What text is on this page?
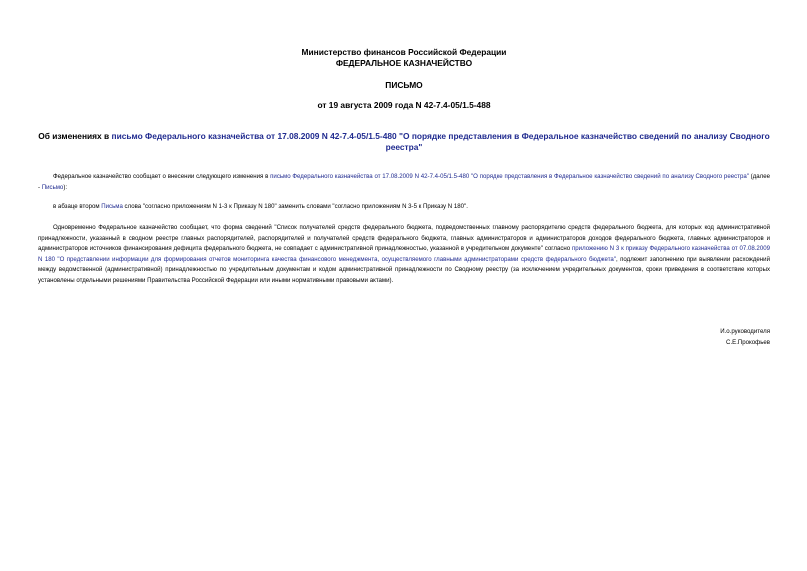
Министерство финансов Российской Федерации
ФЕДЕРАЛЬНОЕ КАЗНАЧЕЙСТВО
ПИСЬМО
от 19 августа 2009 года N 42-7.4-05/1.5-488
Об изменениях в письмо Федерального казначейства от 17.08.2009 N 42-7.4-05/1.5-480 "О порядке представления в Федеральное казначейство сведений по анализу Сводного реестра"
Федеральное казначейство сообщает о внесении следующего изменения в письмо Федерального казначейства от 17.08.2009 N 42-7.4-05/1.5-480 "О порядке представления в Федеральное казначейство сведений по анализу Сводного реестра" (далее - Письмо):
в абзаце втором Письма слова "согласно приложениям N 1-3 к Приказу N 180" заменить словами "согласно приложениям N 3-5 к Приказу N 180".
Одновременно Федеральное казначейство сообщает, что форма сведений "Список получателей средств федерального бюджета, подведомственных главному распорядителю средств федерального бюджета, для которых код административной принадлежности, указанный в сводном реестре главных распорядителей, распорядителей и получателей средств федерального бюджета, главных администраторов и администраторов доходов федерального бюджета, главных администраторов и администраторов источников финансирования дефицита федерального бюджета, не совпадает с административной принадлежностью, указанной в учредительном документе" согласно приложению N 3 к приказу Федерального казначейства от 07.08.2009 N 180 "О представлении информации для формирования отчетов мониторинга качества финансового менеджмента, осуществляемого главными администраторами средств федерального бюджета", подлежит заполнению при выявлении расхождений между ведомственной (административной) принадлежностью по учредительным документам и кодом административной принадлежности по Сводному реестру (за исключением учредительных документов, сроки приведения в соответствие которых установлены отдельными решениями Правительства Российской Федерации или иными нормативными правовыми актами).
И.о.руководителя
С.Е.Прокофьев
